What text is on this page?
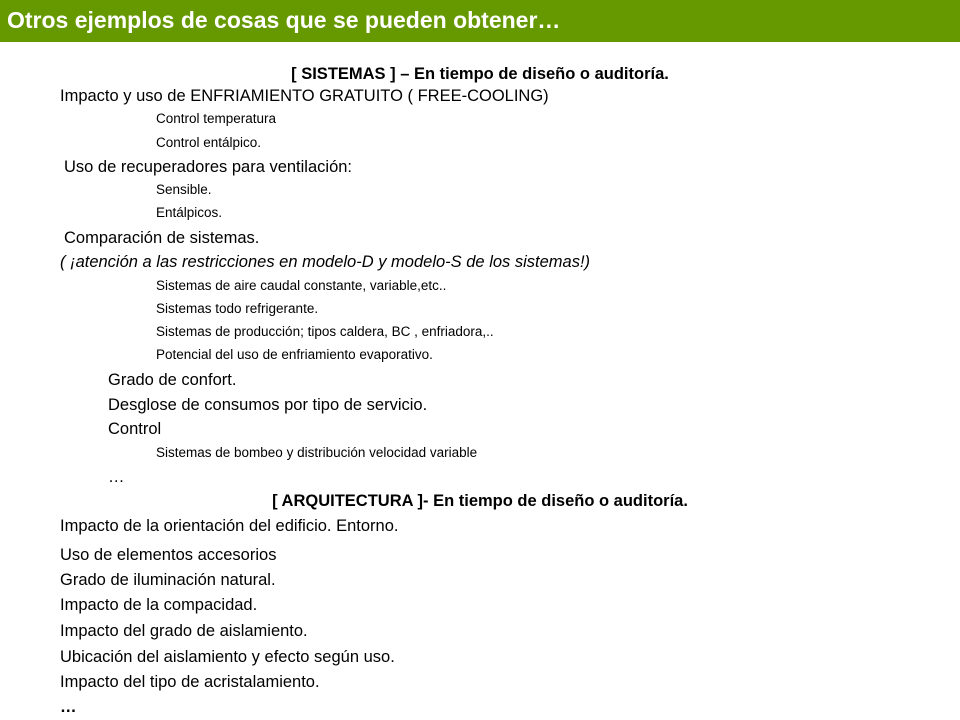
Otros ejemplos de cosas que se pueden obtener…
[ SISTEMAS ] – En tiempo de diseño o auditoría.
Impacto y uso de ENFRIAMIENTO GRATUITO ( FREE-COOLING)
Control temperatura
Control entálpico.
Uso de recuperadores para ventilación:
Sensible.
Entálpicos.
Comparación de sistemas.
( ¡atención a las restricciones en modelo-D y modelo-S de los sistemas!)
Sistemas de aire caudal constante, variable,etc..
Sistemas todo refrigerante.
Sistemas de producción; tipos caldera, BC , enfriadora,..
Potencial del uso de enfriamiento evaporativo.
Grado de confort.
Desglose de consumos por tipo de servicio.
Control
Sistemas de bombeo y distribución velocidad variable
…
[ ARQUITECTURA ]- En tiempo de diseño o auditoría.
Impacto de la orientación del edificio. Entorno.
Uso de elementos accesorios
Grado de iluminación natural.
Impacto de la compacidad.
Impacto del grado de aislamiento.
Ubicación del aislamiento y efecto según uso.
Impacto del tipo de acristalamiento.
…
